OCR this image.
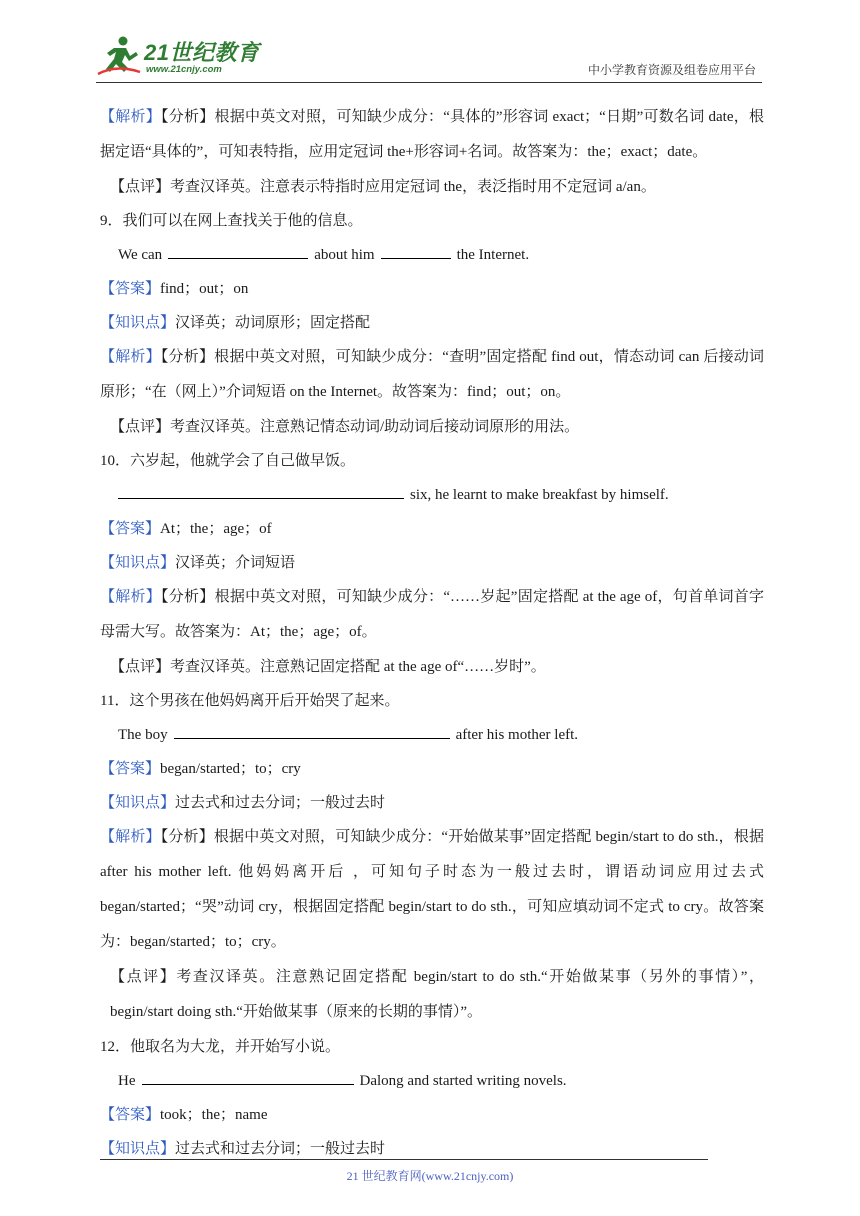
21世纪教育
www.21cnjy.com	中小学教育资源及组卷应用平台

【解析】【分析】根据中英文对照，可知缺少成分：“具体的”形容词 exact；“日期”可数名词 date，根据定语“具体的”，可知表特指，应用定冠词 the+形容词+名词。故答案为：the；exact；date。

【点评】考查汉译英。注意表示特指时应用定冠词 the，表泛指时用不定冠词 a/an。

9．我们可以在网上查找关于他的信息。

We can	about him	the Internet.

【答案】find；out；on

【知识点】汉译英；动词原形；固定搭配

【解析】【分析】根据中英文对照，可知缺少成分：“查明”固定搭配 find out，情态动词 can 后接动词原形；“在（网上）”介词短语 on the Internet。故答案为：find；out；on。

【点评】考查汉译英。注意熟记情态动词/助动词后接动词原形的用法。

10．六岁起，他就学会了自己做早饭。

six, he learnt to make breakfast by himself.

【答案】At；the；age；of

【知识点】汉译英；介词短语

【解析】【分析】根据中英文对照，可知缺少成分：“……岁起”固定搭配 at the age of，句首单词首字母需大写。故答案为：At；the；age；of。

【点评】考查汉译英。注意熟记固定搭配 at the age of“……岁时”。

11．这个男孩在他妈妈离开后开始哭了起来。

The boy	after his mother left.

【答案】began/started；to；cry

【知识点】过去式和过去分词；一般过去时

【解析】【分析】根据中英文对照，可知缺少成分：“开始做某事”固定搭配 begin/start to do sth.，根据 after his mother left. 他妈妈离开后 ，可知句子时态为一般过去时，谓语动词应用过去式 began/started；“哭”动词 cry，根据固定搭配 begin/start to do sth.，可知应填动词不定式 to cry。故答案为：began/started；to；cry。

【点评】考查汉译英。注意熟记固定搭配 begin/start to do sth.“开始做某事（另外的事情）”，begin/start doing sth.“开始做某事（原来的长期的事情）”。

12．他取名为大龙，并开始写小说。

He	Dalong and started writing novels.

【答案】took；the；name

【知识点】过去式和过去分词；一般过去时

21 世纪教育网(www.21cnjy.com)
